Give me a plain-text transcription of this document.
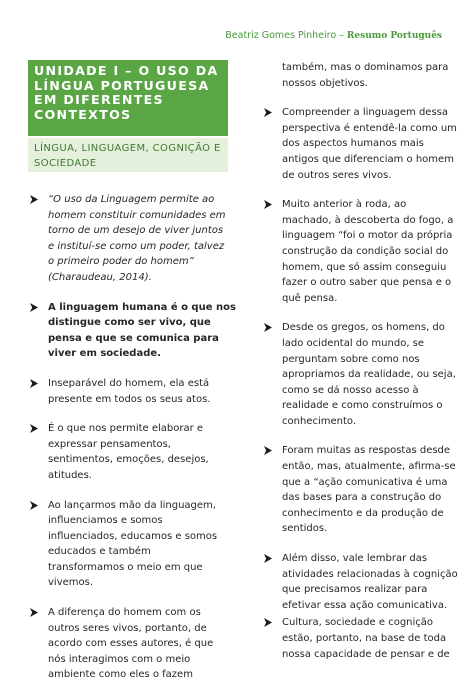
Beatriz Gomes Pinheiro – Resumo Português
UNIDADE I – O USO DA
LÍNGUA PORTUGUESA
EM DIFERENTES
CONTEXTOS
LÍNGUA, LINGUAGEM, COGNIÇÃO E
SOCIEDADE
“O uso da Linguagem permite ao
homem constituir comunidades em
torno de um desejo de viver juntos
e instituí-se como um poder, talvez
o primeiro poder do homem”
(Charaudeau, 2014).
A linguagem humana é o que nos
distingue como ser vivo, que
pensa e que se comunica para
viver em sociedade.
Inseparável do homem, ela está
presente em todos os seus atos.
É o que nos permite elaborar e
expressar pensamentos,
sentimentos, emoções, desejos,
atitudes.
Ao lançarmos mão da linguagem,
influenciamos e somos
influenciados, educamos e somos
educados e também
transformamos o meio em que
vivemos.
A diferença do homem com os
outros seres vivos, portanto, de
acordo com esses autores, é que
nós interagimos com o meio
ambiente como eles o fazem
também, mas o dominamos para
nossos objetivos.
Compreender a linguagem dessa
perspectiva é entendê-la como um
dos aspectos humanos mais
antigos que diferenciam o homem
de outros seres vivos.
Muito anterior à roda, ao
machado, à descoberta do fogo, a
linguagem “foi o motor da própria
construção da condição social do
homem, que só assim conseguiu
fazer o outro saber que pensa e o
quê pensa.
Desde os gregos, os homens, do
lado ocidental do mundo, se
perguntam sobre como nos
apropriamos da realidade, ou seja,
como se dá nosso acesso à
realidade e como construímos o
conhecimento.
Foram muitas as respostas desde
então, mas, atualmente, afirma-se
que a “ação comunicativa é uma
das bases para a construção do
conhecimento e da produção de
sentidos.
Além disso, vale lembrar das
atividades relacionadas à cognição
que precisamos realizar para
efetivar essa ação comunicativa.
Cultura, sociedade e cognição
estão, portanto, na base de toda
nossa capacidade de pensar e de
